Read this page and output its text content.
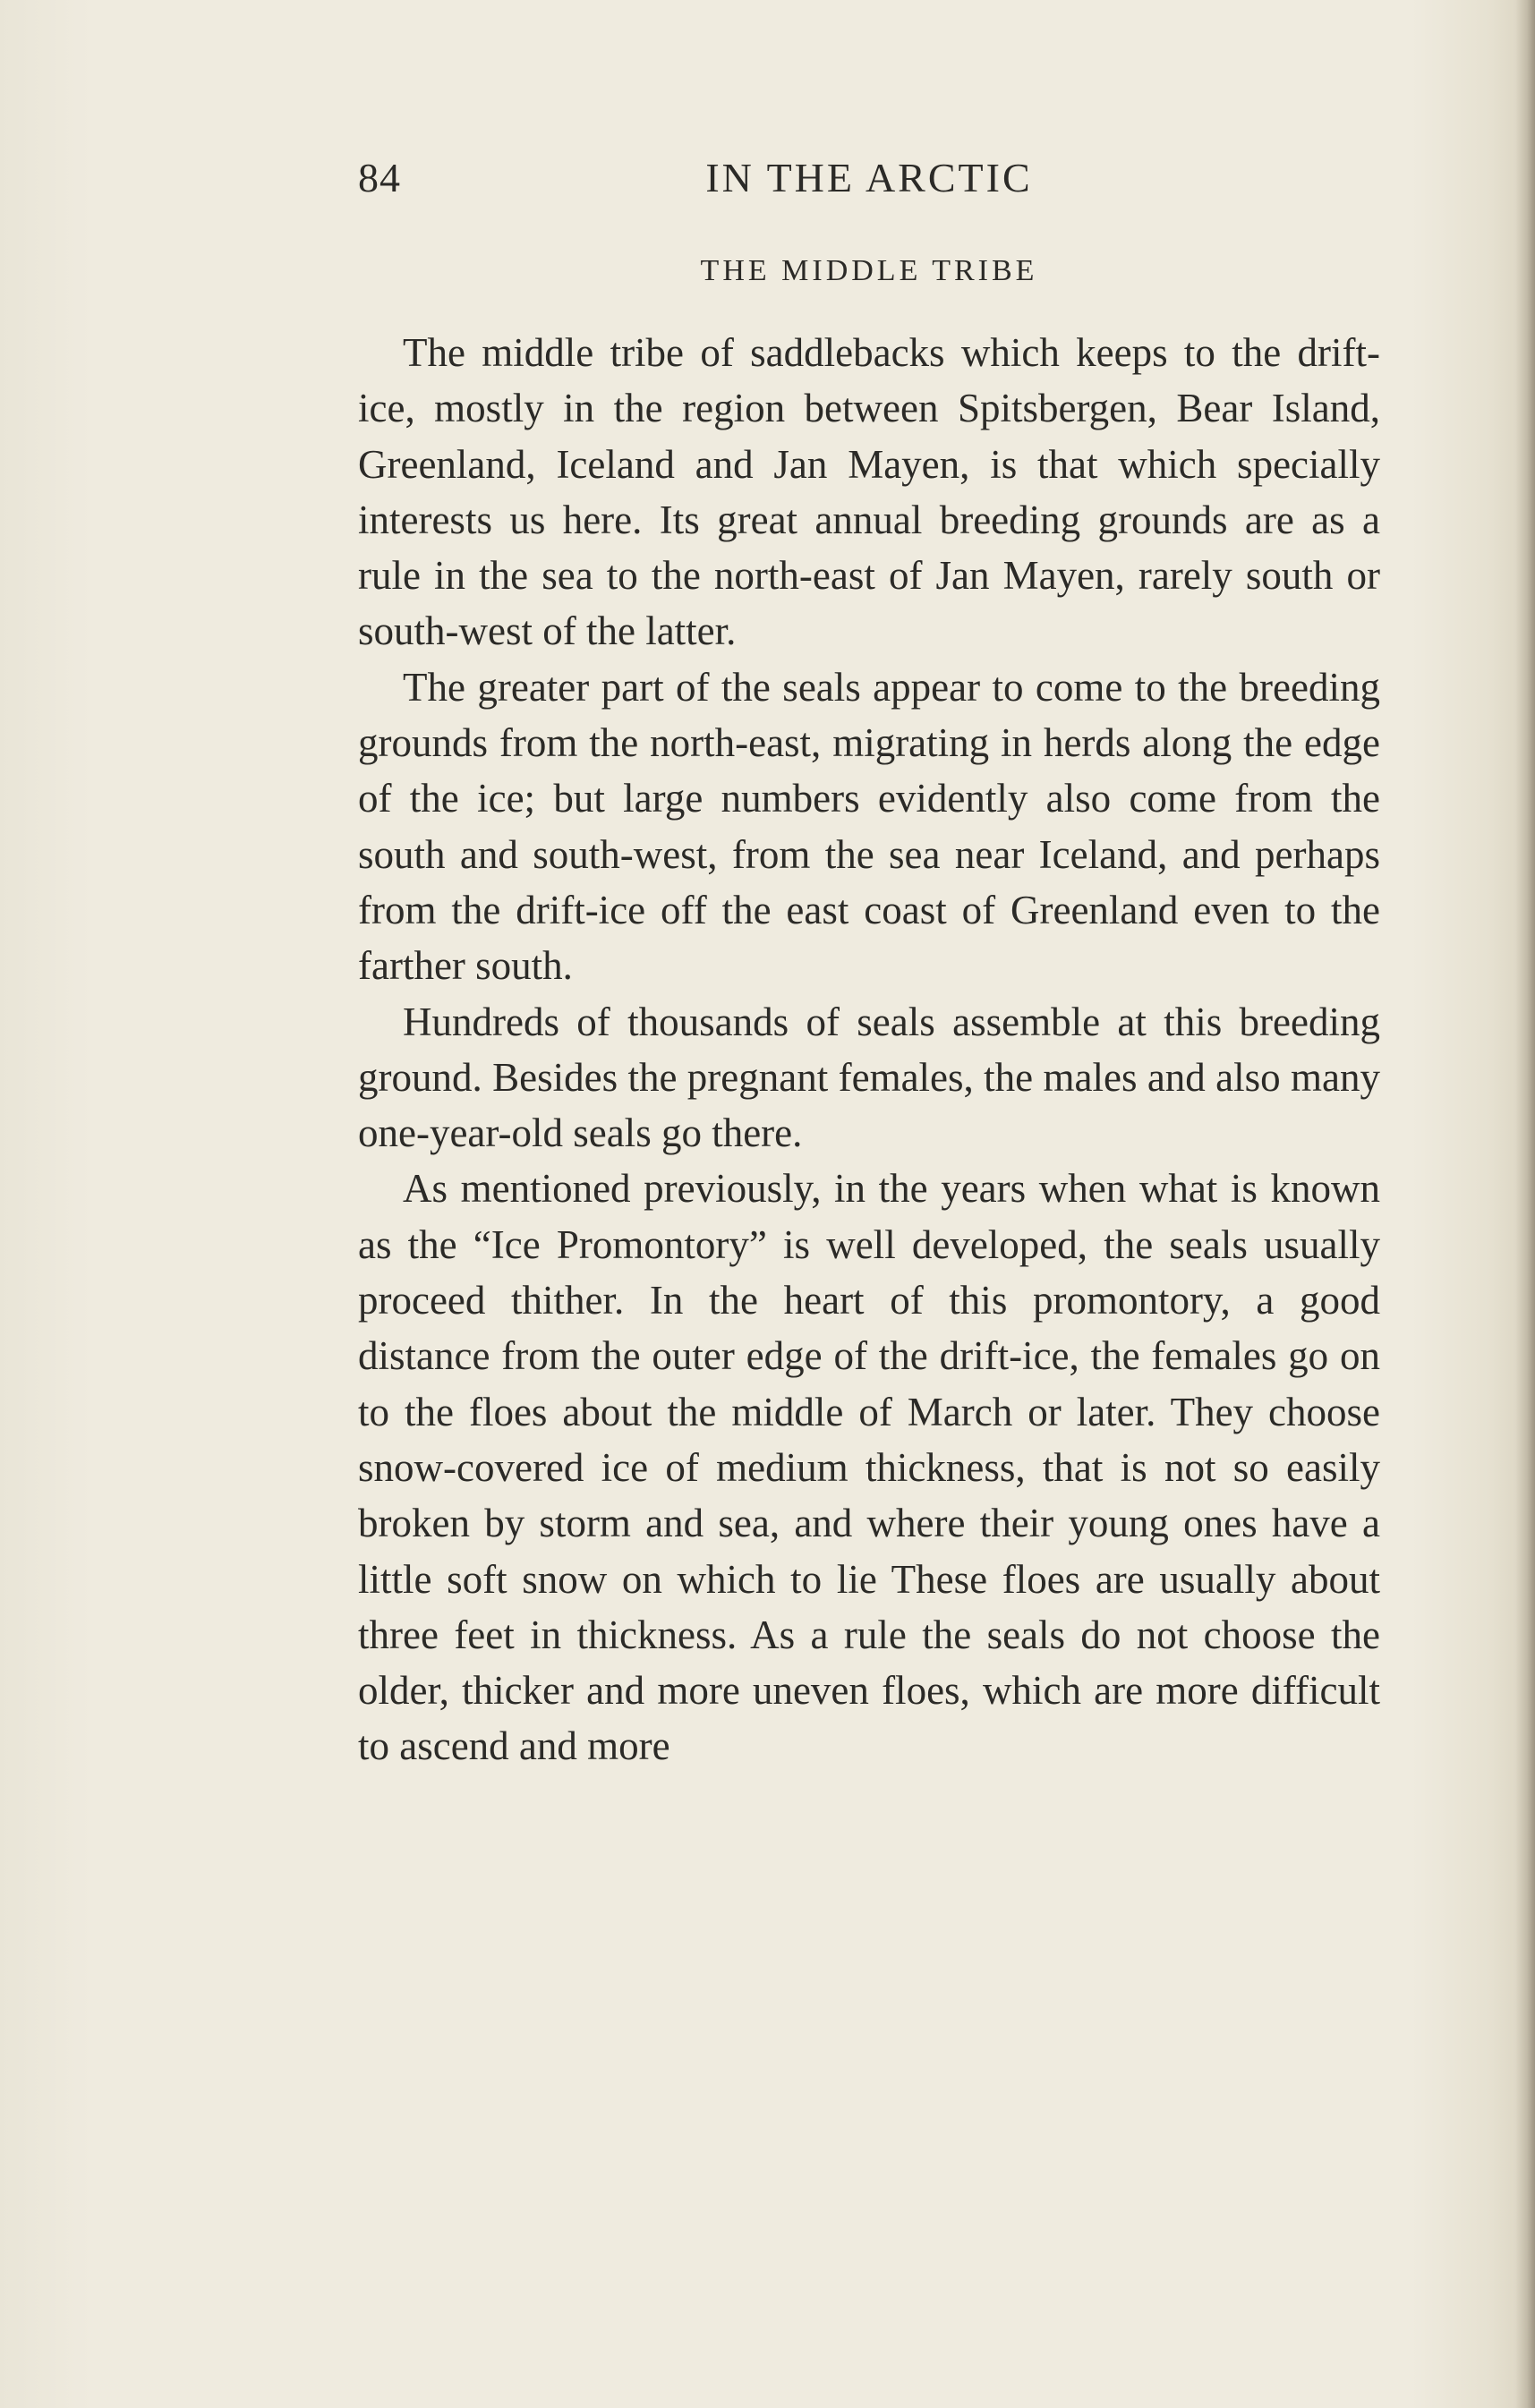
84	IN THE ARCTIC
THE MIDDLE TRIBE

The middle tribe of saddlebacks which keeps to the drift-ice, mostly in the region between Spitsbergen, Bear Island, Greenland, Iceland and Jan Mayen, is that which specially interests us here. Its great annual breeding grounds are as a rule in the sea to the north-east of Jan Mayen, rarely south or south-west of the latter.

The greater part of the seals appear to come to the breeding grounds from the north-east, migrating in herds along the edge of the ice; but large numbers evidently also come from the south and south-west, from the sea near Iceland, and perhaps from the drift-ice off the east coast of Greenland even to the farther south.

Hundreds of thousands of seals assemble at this breeding ground. Besides the pregnant females, the males and also many one-year-old seals go there.

As mentioned previously, in the years when what is known as the “Ice Promontory” is well developed, the seals usually proceed thither. In the heart of this promontory, a good distance from the outer edge of the drift-ice, the females go on to the floes about the middle of March or later. They choose snow-covered ice of medium thickness, that is not so easily broken by storm and sea, and where their young ones have a little soft snow on which to lie These floes are usually about three feet in thickness. As a rule the seals do not choose the older, thicker and more uneven floes, which are more difficult to ascend and more
